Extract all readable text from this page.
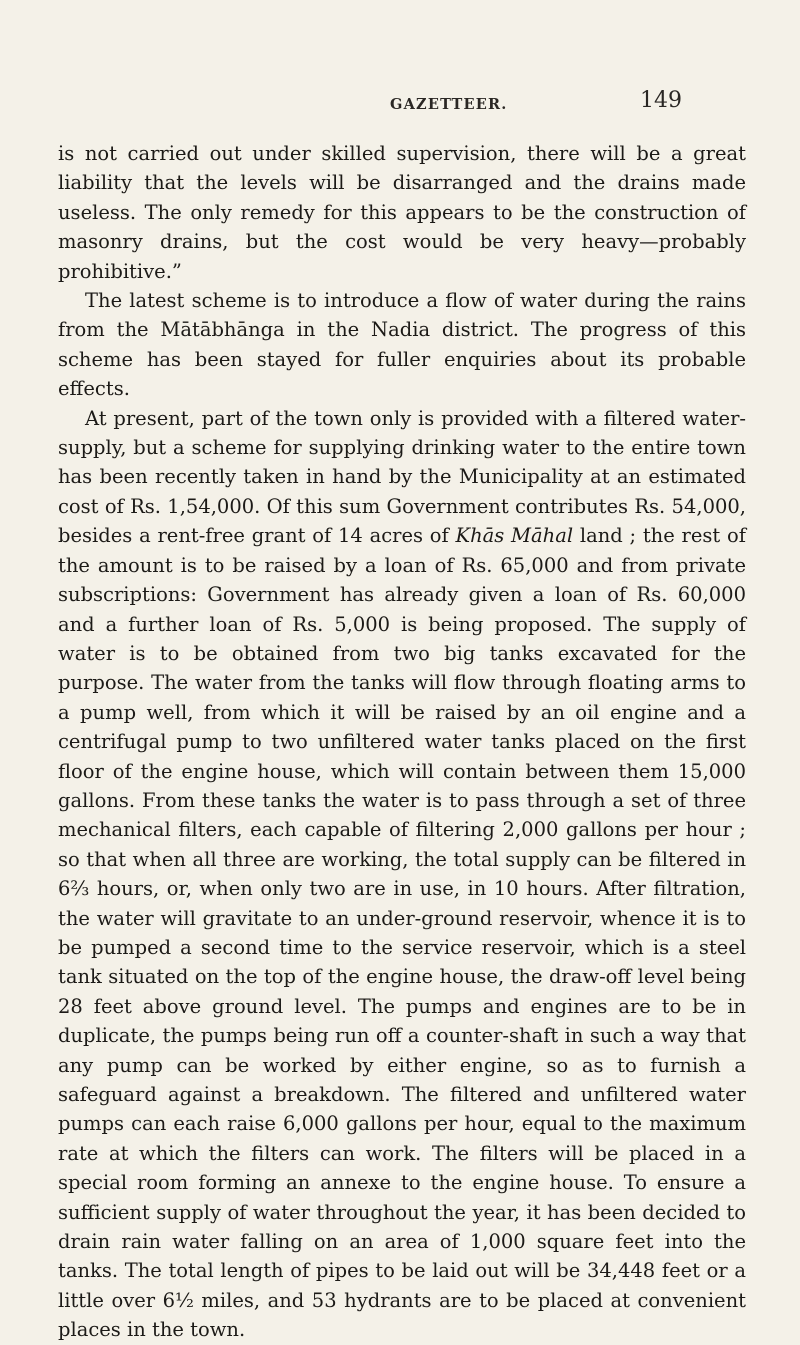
GAZETTEER.	149

is not carried out under skilled supervision, there will be a great liability that the levels will be disarranged and the drains made useless. The only remedy for this appears to be the construction of masonry drains, but the cost would be very heavy—probably prohibitive.”

The latest scheme is to introduce a flow of water during the rains from the Mātābhānga in the Nadia district. The progress of this scheme has been stayed for fuller enquiries about its probable effects.

At present, part of the town only is provided with a filtered water-supply, but a scheme for supplying drinking water to the entire town has been recently taken in hand by the Municipality at an estimated cost of Rs. 1,54,000. Of this sum Government contributes Rs. 54,000, besides a rent-free grant of 14 acres of Khās Māhal land ; the rest of the amount is to be raised by a loan of Rs. 65,000 and from private subscriptions: Government has already given a loan of Rs. 60,000 and a further loan of Rs. 5,000 is being proposed. The supply of water is to be obtained from two big tanks excavated for the purpose. The water from the tanks will flow through floating arms to a pump well, from which it will be raised by an oil engine and a centrifugal pump to two unfiltered water tanks placed on the first floor of the engine house, which will contain between them 15,000 gallons. From these tanks the water is to pass through a set of three mechanical filters, each capable of filtering 2,000 gallons per hour ; so that when all three are working, the total supply can be filtered in 6⅔ hours, or, when only two are in use, in 10 hours. After filtration, the water will gravitate to an under-ground reservoir, whence it is to be pumped a second time to the service reservoir, which is a steel tank situated on the top of the engine house, the draw-off level being 28 feet above ground level. The pumps and engines are to be in duplicate, the pumps being run off a counter-shaft in such a way that any pump can be worked by either engine, so as to furnish a safeguard against a breakdown. The filtered and unfiltered water pumps can each raise 6,000 gallons per hour, equal to the maximum rate at which the filters can work. The filters will be placed in a special room forming an annexe to the engine house. To ensure a sufficient supply of water throughout the year, it has been decided to drain rain water falling on an area of 1,000 square feet into the tanks. The total length of pipes to be laid out will be 34,448 feet or a little over 6½ miles, and 53 hydrants are to be placed at convenient places in the town.
